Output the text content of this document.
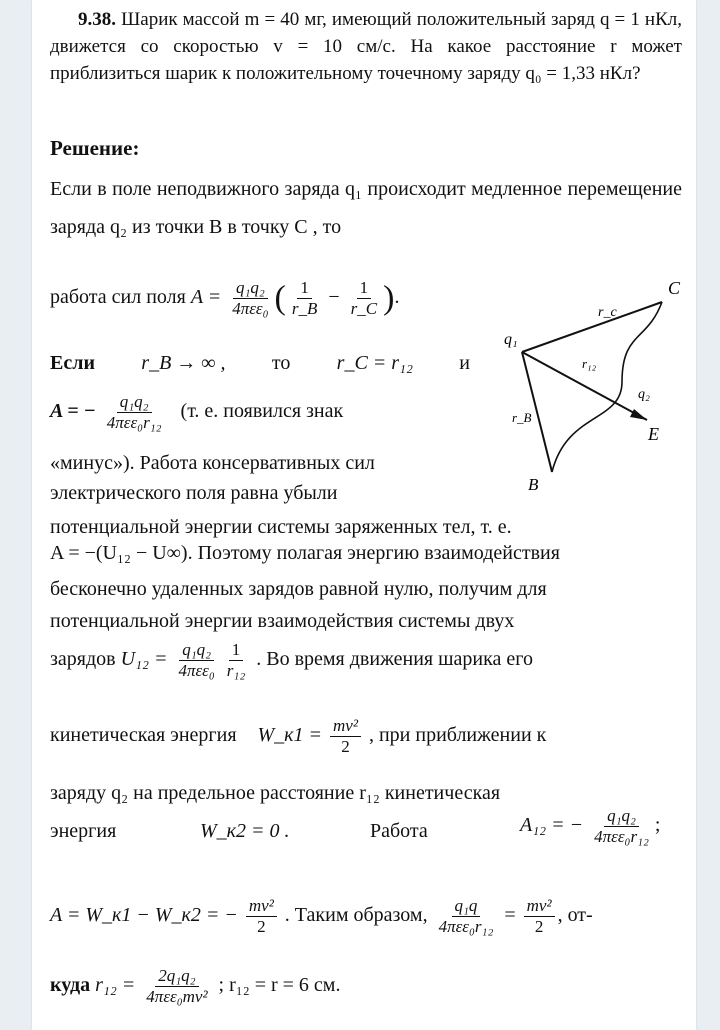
9.38. Шарик массой m = 40 мг, имеющий положительный заряд q = 1 нКл, движется со скоростью v = 10 см/с. На какое расстояние r может приблизиться шарик к положительному точечному заряду q₀ = 1,33 нКл?
Решение:
Если в поле неподвижного заряда q₁ происходит медленное перемещение заряда q₂ из точки B в точку C , то
работа сил поля $A = \frac{\text{q₁q₂}}{\text{4πεε₀}}$ ( $\frac{1}{r\_B} - \frac{1}{r\_C}$ ).
Если r_B → ∞ , то r_C = r₁₂ и
A = − $\frac{\text{q₁q₂}}{\text{4πεε₀r₁₂}} (т$. е. появился знак
«минус»). Работа консервативных сил
электрического поля равна убыли
потенциальной энергии системы заряженных тел, т. е.
A = −(U₁₂ − U∞). Поэтому полагая энергию взаимодействия
бесконечно удаленных зарядов равной нулю, получим для
потенциальной энергии взаимодействия системы двух
зарядов $U_{12} = \frac{\text{q₁q₂}}{\text{4πεε₀}} \frac{1}{\text{r₁₂}}$ . Во время движения шарика его
кинетическая энергия W_к1 = $\frac{\text{mv²}}{2}$ , при приближении к
заряду q₂ на предельное расстояние r₁₂ кинетическая
энергия	W_к2 = 0 .	Работа	A₁₂ = − $\frac{\text{q₁q₂}}{\text{4πεε₀r₁₂}}$ ;
A = W_к1 − W_к2 = − $\frac{\text{mv²}}{2}$ . Таким образом, $\frac{\text{q₁q}}{\text{4πεε₀r₁₂}} = \frac{\text{mv²}}{2}$ , от-
куда $r_{12} = \frac{\text{2q₁q₂}}{\text{4πεε₀mv²}}$ ; r₁₂ = r = 6 см.
q₁
C
r_c
r₁₂
q₂
r_B
E
B
